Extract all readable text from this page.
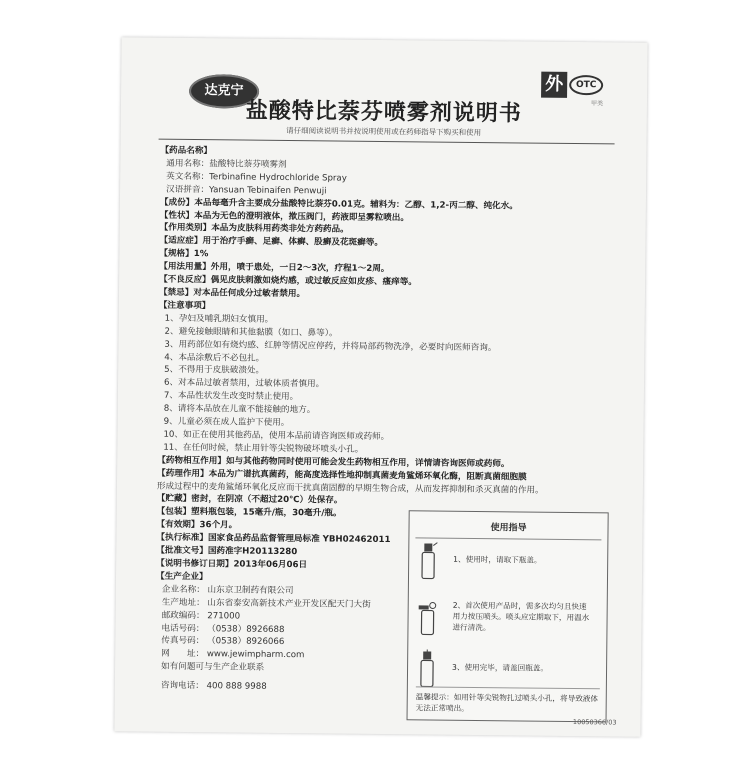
达克宁	外 OTC
甲类
盐酸特比萘芬喷雾剂说明书
请仔细阅读说明书并按说明使用或在药师指导下购买和使用
【药品名称】
通用名称：盐酸特比萘芬喷雾剂
英文名称：Terbinafine Hydrochloride Spray
汉语拼音：Yansuan Tebinaifen Penwuji
【成份】本品每毫升含主要成分盐酸特比萘芬0.01克。辅料为：乙醇、1,2-丙二醇、纯化水。
【性状】本品为无色的澄明液体，揿压阀门，药液即呈雾粒喷出。
【作用类别】本品为皮肤科用药类非处方药药品。
【适应症】用于治疗手癣、足癣、体癣、股癣及花斑癣等。
【规格】1%
【用法用量】外用，喷于患处，一日2～3次，疗程1～2周。
【不良反应】偶见皮肤刺激如烧灼感，或过敏反应如皮疹、瘙痒等。
【禁忌】对本品任何成分过敏者禁用。
【注意事项】
1、孕妇及哺乳期妇女慎用。
2、避免接触眼睛和其他黏膜（如口、鼻等）。
3、用药部位如有烧灼感、红肿等情况应停药，并将局部药物洗净，必要时向医师咨询。
4、本品涂敷后不必包扎。
5、不得用于皮肤破溃处。
6、对本品过敏者禁用，过敏体质者慎用。
7、本品性状发生改变时禁止使用。
8、请将本品放在儿童不能接触的地方。
9、儿童必须在成人监护下使用。
10、如正在使用其他药品，使用本品前请咨询医师或药师。
11、在任何时候，禁止用针等尖锐物破坏喷头小孔。
【药物相互作用】如与其他药物同时使用可能会发生药物相互作用，详情请咨询医师或药师。
【药理作用】本品为广谱抗真菌药，能高度选择性地抑制真菌麦角鲨烯环氧化酶，阻断真菌细胞膜
形成过程中的麦角鲨烯环氧化反应而干扰真菌固醇的早期生物合成，从而发挥抑制和杀灭真菌的作用。
【贮藏】密封，在阴凉（不超过20℃）处保存。
【包装】塑料瓶包装，15毫升/瓶，30毫升/瓶。
【有效期】36个月。
【执行标准】国家食品药品监督管理局标准 YBH02462011
【批准文号】国药准字H20113280
【说明书修订日期】2013年06月06日
【生产企业】
企业名称： 山东京卫制药有限公司
生产地址： 山东省泰安高新技术产业开发区配天门大街
邮政编码： 271000
电话号码： （0538）8926688
传真号码： （0538）8926066
网　　址： www.jewimpharm.com
如有问题可与生产企业联系
咨询电话： 400 888 9988
使用指导
1、使用时，请取下瓶盖。
2、首次使用产品时，需多次均匀且快速用力按压喷头。喷头应定期取下，用温水进行清洗。
3、使用完毕，请盖回瓶盖。
温馨提示：如用针等尖锐物扎过喷头小孔，将导致液体无法正常喷出。
10050366/03
